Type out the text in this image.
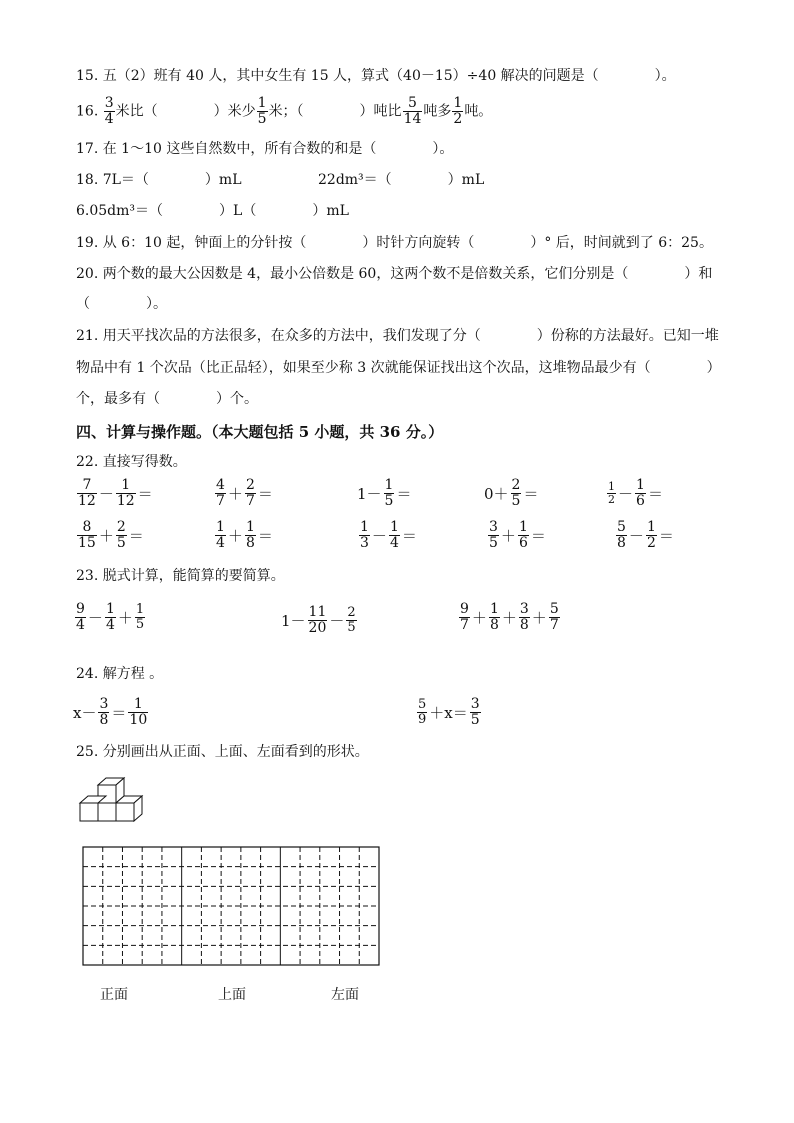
15. 五（2）班有 40 人，其中女生有 15 人，算式（40－15）÷40 解决的问题是（　　　　）。
16. $\frac{3}{4}$ 米比（　　　　）米少 $\frac{1}{5}$ 米；（　　　　）吨比 $\frac{5}{14}$ 吨多 $\frac{1}{2}$ 吨。
17. 在 1～10 这些自然数中，所有合数的和是（　　　　）。
18. 7L＝（　　　　）mL	22dm³＝（　　　　）mL
6.05dm³＝（　　　　）L（　　　　）mL
19. 从 6：10 起，钟面上的分针按（　　　　）时针方向旋转（　　　　）° 后，时间就到了 6：25。
20. 两个数的最大公因数是 4，最小公倍数是 60，这两个数不是倍数关系，它们分别是（　　　　）和
（　　　　）。
21. 用天平找次品的方法很多，在众多的方法中，我们发现了分（　　　　）份称的方法最好。已知一堆
物品中有 1 个次品（比正品轻），如果至少称 3 次就能保证找出这个次品，这堆物品最少有（　　　　）
个，最多有（　　　　）个。
四、计算与操作题。（本大题包括 5 小题，共 36 分。）
22. 直接写得数。
$\frac{7}{12} - \frac{1}{12}$ ＝	$\frac{4}{7} + \frac{2}{7}$ ＝	$1- \frac{1}{5}$ ＝	$0+ \frac{2}{5}$ ＝	$\frac{1}{2} - \frac{1}{6}$ ＝
$\frac{8}{15} + \frac{2}{5}$ ＝	$\frac{1}{4} + \frac{1}{8}$ ＝	$\frac{1}{3} - \frac{1}{4}$ ＝	$\frac{3}{5} + \frac{1}{6}$ ＝	$\frac{5}{8} - \frac{1}{2}$ ＝
23. 脱式计算，能简算的要简算。
$\frac{9}{4} - \frac{1}{4} + \frac{1}{5}$	$1- \frac{11}{20} - \frac{2}{5}$	$\frac{9}{7} + \frac{1}{8} + \frac{3}{8} + \frac{5}{7}$
24. 解方程 。
$x- \frac{3}{8} = \frac{1}{10}$	$\frac{5}{9} +x= \frac{3}{5}$
25. 分别画出从正面、上面、左面看到的形状。
正面	上面	左面
